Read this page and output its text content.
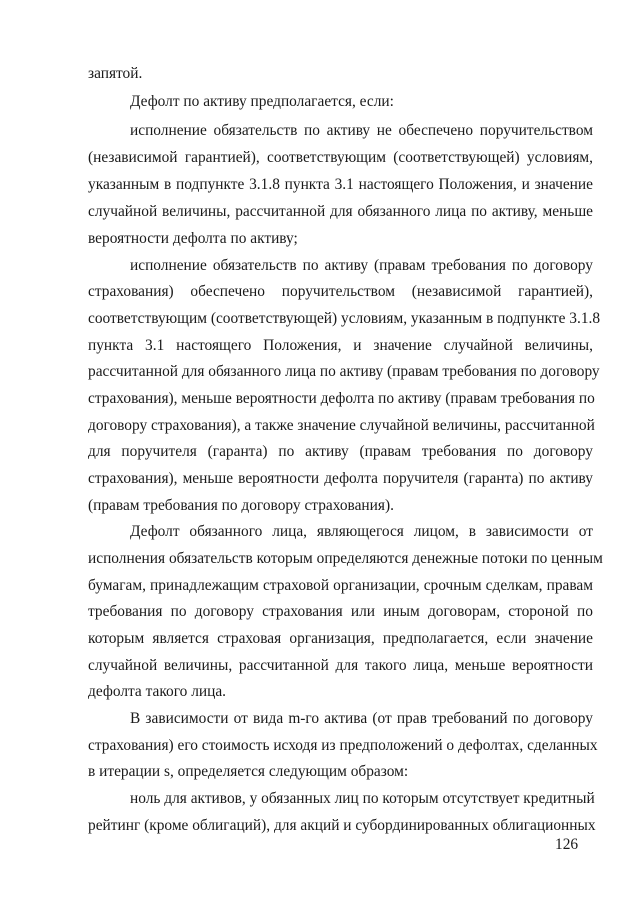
запятой.
Дефолт по активу предполагается, если:
исполнение обязательств по активу не обеспечено поручительством
(независимой гарантией), соответствующим (соответствующей) условиям,
указанным в подпункте 3.1.8 пункта 3.1 настоящего Положения, и значение
случайной величины, рассчитанной для обязанного лица по активу, меньше
вероятности дефолта по активу;
исполнение обязательств по активу (правам требования по договору
страхования) обеспечено поручительством (независимой гарантией),
соответствующим (соответствующей) условиям, указанным в подпункте 3.1.8
пункта 3.1 настоящего Положения, и значение случайной величины,
рассчитанной для обязанного лица по активу (правам требования по договору
страхования), меньше вероятности дефолта по активу (правам требования по
договору страхования), а также значение случайной величины, рассчитанной
для поручителя (гаранта) по активу (правам требования по договору
страхования), меньше вероятности дефолта поручителя (гаранта) по активу
(правам требования по договору страхования).
Дефолт обязанного лица, являющегося лицом, в зависимости от
исполнения обязательств которым определяются денежные потоки по ценным
бумагам, принадлежащим страховой организации, срочным сделкам, правам
требования по договору страхования или иным договорам, стороной по
которым является страховая организация, предполагается, если значение
случайной величины, рассчитанной для такого лица, меньше вероятности
дефолта такого лица.
В зависимости от вида m-го актива (от прав требований по договору
страхования) его стоимость исходя из предположений о дефолтах, сделанных
в итерации s, определяется следующим образом:
ноль для активов, у обязанных лиц по которым отсутствует кредитный
рейтинг (кроме облигаций), для акций и субординированных облигационных
126
